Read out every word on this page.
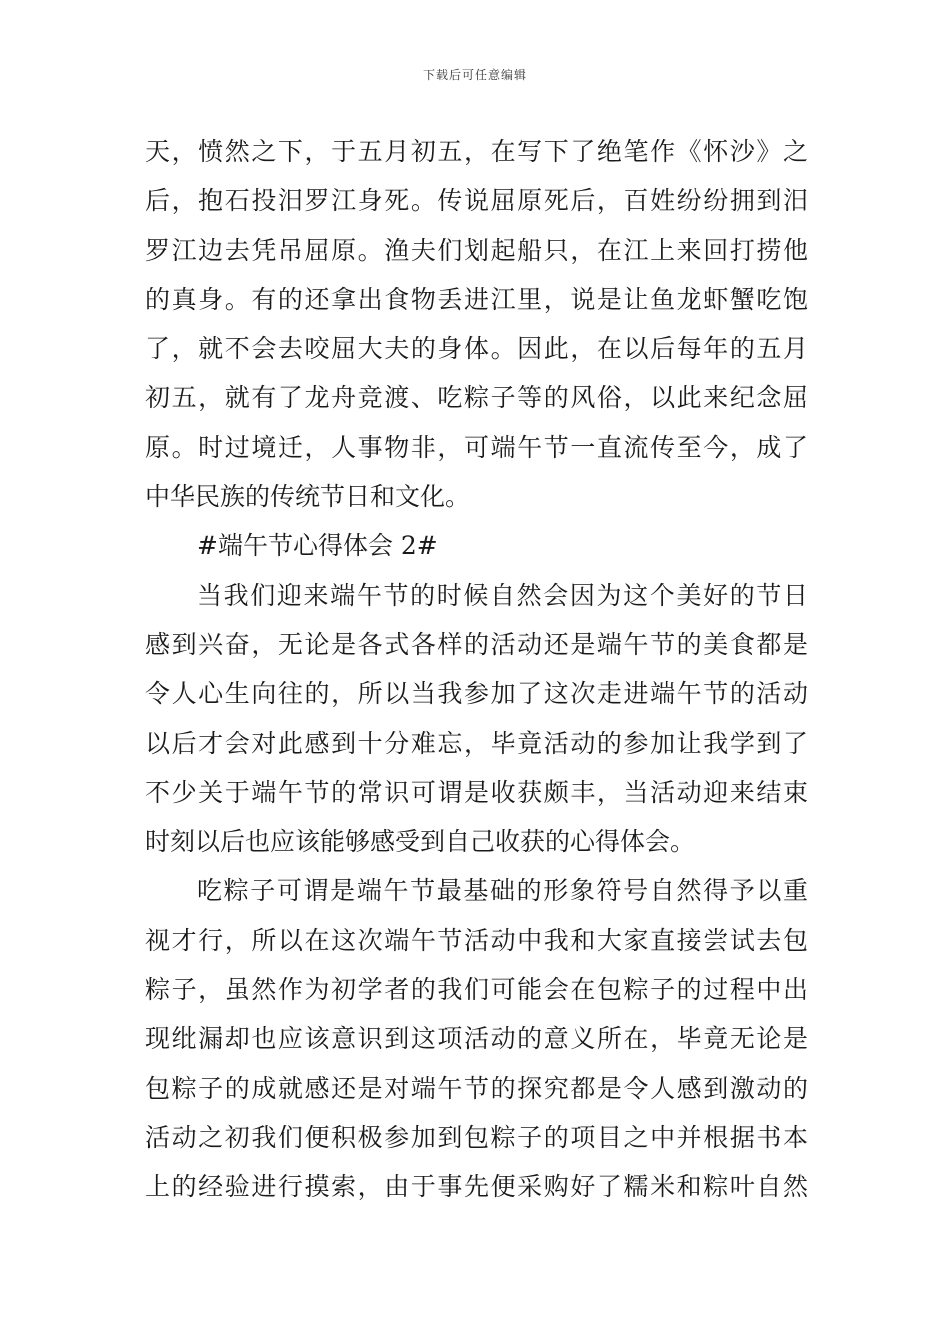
下载后可任意编辑
天，愤然之下，于五月初五，在写下了绝笔作《怀沙》之
后，抱石投汨罗江身死。传说屈原死后，百姓纷纷拥到汨
罗江边去凭吊屈原。渔夫们划起船只，在江上来回打捞他
的真身。有的还拿出食物丢进江里，说是让鱼龙虾蟹吃饱
了，就不会去咬屈大夫的身体。因此，在以后每年的五月
初五，就有了龙舟竞渡、吃粽子等的风俗，以此来纪念屈
原。时过境迁，人事物非，可端午节一直流传至今，成了
中华民族的传统节日和文化。
#端午节心得体会 2#
当我们迎来端午节的时候自然会因为这个美好的节日
感到兴奋，无论是各式各样的活动还是端午节的美食都是
令人心生向往的，所以当我参加了这次走进端午节的活动
以后才会对此感到十分难忘，毕竟活动的参加让我学到了
不少关于端午节的常识可谓是收获颇丰，当活动迎来结束
时刻以后也应该能够感受到自己收获的心得体会。
吃粽子可谓是端午节最基础的形象符号自然得予以重
视才行，所以在这次端午节活动中我和大家直接尝试去包
粽子，虽然作为初学者的我们可能会在包粽子的过程中出
现纰漏却也应该意识到这项活动的意义所在，毕竟无论是
包粽子的成就感还是对端午节的探究都是令人感到激动的
活动之初我们便积极参加到包粽子的项目之中并根据书本
上的经验进行摸索，由于事先便采购好了糯米和粽叶自然
